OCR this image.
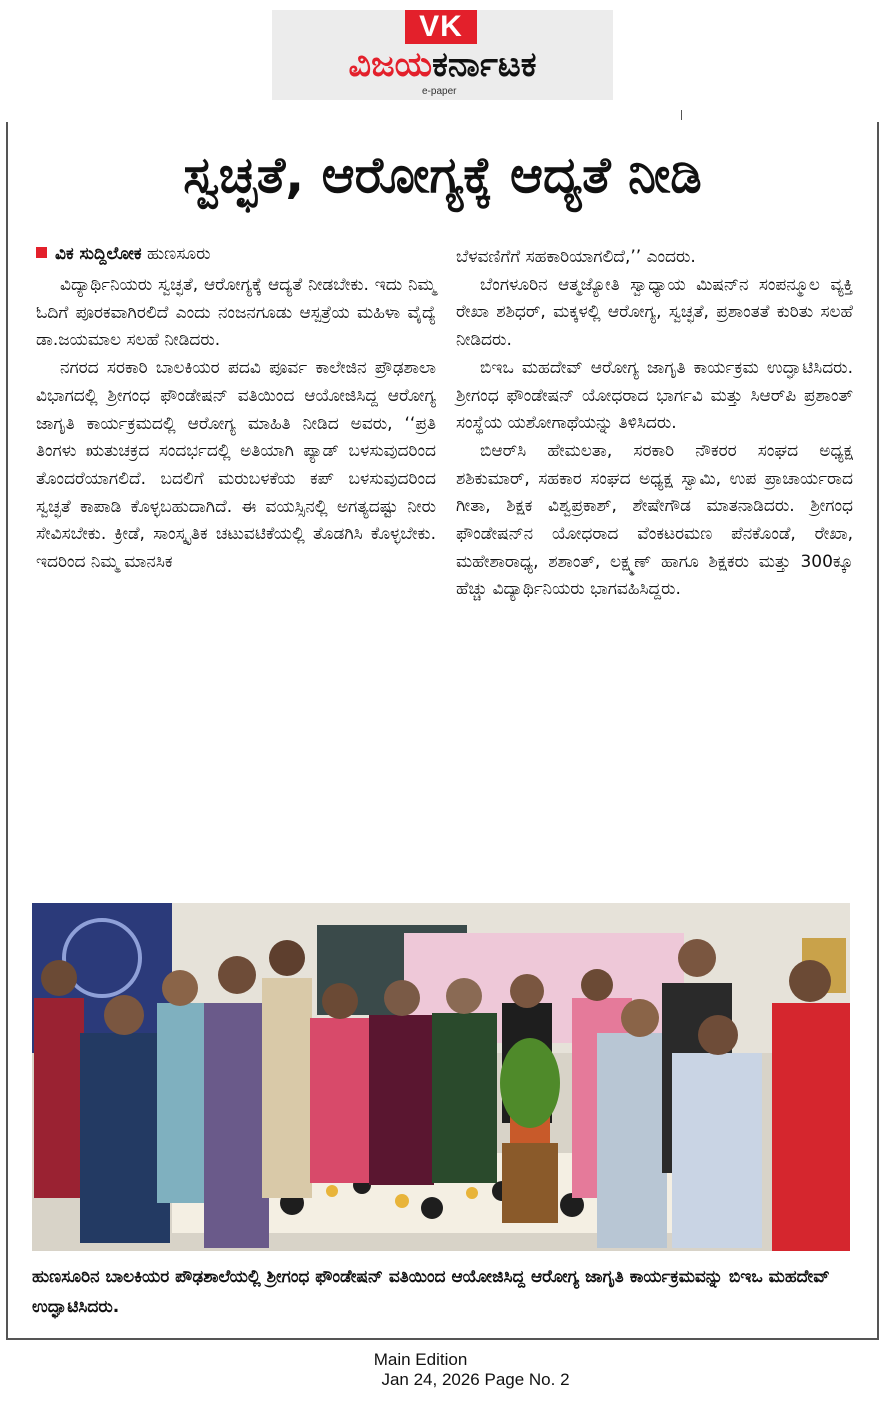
VK
ವಿಜಯಕರ್ನಾಟಕ
e-paper
ಸ್ವಚ್ಛತೆ, ಆರೋಗ್ಯಕ್ಕೆ ಆದ್ಯತೆ ನೀಡಿ
ವಿಕ ಸುದ್ದಿಲೋಕ ಹುಣಸೂರು

ವಿದ್ಯಾರ್ಥಿನಿಯರು ಸ್ವಚ್ಛತೆ, ಆರೋಗ್ಯಕ್ಕೆ ಆದ್ಯತೆ ನೀಡಬೇಕು. ಇದು ನಿಮ್ಮ ಓದಿಗೆ ಪೂರಕವಾಗಿರಲಿದೆ ಎಂದು ನಂಜನಗೂಡು ಆಸ್ಪತ್ರೆಯ ಮಹಿಳಾ ವೈದ್ಯೆ ಡಾ.ಜಯಮಾಲ ಸಲಹೆ ನೀಡಿದರು.

ನಗರದ ಸರಕಾರಿ ಬಾಲಕಿಯರ ಪದವಿ ಪೂರ್ವ ಕಾಲೇಜಿನ ಪ್ರೌಢಶಾಲಾ ವಿಭಾಗದಲ್ಲಿ ಶ್ರೀಗಂಧ ಫೌಂಡೇಷನ್ ವತಿಯಿಂದ ಆಯೋಜಿಸಿದ್ದ ಆರೋಗ್ಯ ಜಾಗೃತಿ ಕಾರ್ಯಕ್ರಮದಲ್ಲಿ ಆರೋಗ್ಯ ಮಾಹಿತಿ ನೀಡಿದ ಅವರು, ‘‘ಪ್ರತಿ ತಿಂಗಳು ಋತುಚಕ್ರದ ಸಂದರ್ಭದಲ್ಲಿ ಅತಿಯಾಗಿ ಪ್ಯಾಡ್ ಬಳಸುವುದರಿಂದ ತೊಂದರೆಯಾಗಲಿದೆ. ಬದಲಿಗೆ ಮರುಬಳಕೆಯ ಕಪ್ ಬಳಸುವುದರಿಂದ ಸ್ವಚ್ಛತೆ ಕಾಪಾಡಿ ಕೊಳ್ಳಬಹುದಾಗಿದೆ. ಈ ವಯಸ್ಸಿನಲ್ಲಿ ಅಗತ್ಯದಷ್ಟು ನೀರು ಸೇವಿಸಬೇಕು. ಕ್ರೀಡೆ, ಸಾಂಸ್ಕೃತಿಕ ಚಟುವಟಿಕೆಯಲ್ಲಿ ತೊಡಗಿಸಿ ಕೊಳ್ಳಬೇಕು. ಇದರಿಂದ ನಿಮ್ಮ ಮಾನಸಿಕ

ಬೆಳವಣಿಗೆಗೆ ಸಹಕಾರಿಯಾಗಲಿದೆ,’’ ಎಂದರು.

ಬೆಂಗಳೂರಿನ ಆತ್ಮಜ್ಯೋತಿ ಸ್ವಾಧ್ಯಾಯ ಮಿಷನ್‌ನ ಸಂಪನ್ಮೂಲ ವ್ಯಕ್ತಿ ರೇಖಾ ಶಶಿಧರ್, ಮಕ್ಕಳಲ್ಲಿ ಆರೋಗ್ಯ, ಸ್ವಚ್ಛತೆ, ಪ್ರಶಾಂತತೆ ಕುರಿತು ಸಲಹೆ ನೀಡಿದರು.

ಬಿಇಒ ಮಹದೇವ್ ಆರೋಗ್ಯ ಜಾಗೃತಿ ಕಾರ್ಯಕ್ರಮ ಉದ್ಘಾಟಿಸಿದರು. ಶ್ರೀಗಂಧ ಫೌಂಡೇಷನ್ ಯೋಧರಾದ ಭಾರ್ಗವಿ ಮತ್ತು ಸಿಆರ್‌ಪಿ ಪ್ರಶಾಂತ್ ಸಂಸ್ಥೆಯ ಯಶೋಗಾಥೆಯನ್ನು ತಿಳಿಸಿದರು.

ಬಿಆರ್‌ಸಿ ಹೇಮಲತಾ, ಸರಕಾರಿ ನೌಕರರ ಸಂಘದ ಅಧ್ಯಕ್ಷ ಶಶಿಕುಮಾರ್, ಸಹಕಾರ ಸಂಘದ ಅಧ್ಯಕ್ಷ ಸ್ವಾಮಿ, ಉಪ ಪ್ರಾಚಾರ್ಯರಾದ ಗೀತಾ, ಶಿಕ್ಷಕ ವಿಶ್ವಪ್ರಕಾಶ್, ಶೇಷೇಗೌಡ ಮಾತನಾಡಿದರು. ಶ್ರೀಗಂಧ ಫೌಂಡೇಷನ್‌ನ ಯೋಧರಾದ ವೆಂಕಟರಮಣ ಪೆನಕೊಂಡೆ, ರೇಖಾ, ಮಹೇಶಾರಾಧ್ಯ, ಶಶಾಂತ್, ಲಕ್ಷ್ಮಣ್ ಹಾಗೂ ಶಿಕ್ಷಕರು ಮತ್ತು 300ಕ್ಕೂ ಹೆಚ್ಚು ವಿದ್ಯಾರ್ಥಿನಿಯರು ಭಾಗವಹಿಸಿದ್ದರು.

ಹುಣಸೂರಿನ ಬಾಲಕಿಯರ ಪೌಢಶಾಲೆಯಲ್ಲಿ ಶ್ರೀಗಂಧ ಫೌಂಡೇಷನ್ ವತಿಯಿಂದ ಆಯೋಜಿಸಿದ್ದ ಆರೋಗ್ಯ ಜಾಗೃತಿ ಕಾರ್ಯಕ್ರಮವನ್ನು ಬಿಇಒ ಮಹದೇವ್ ಉದ್ಘಾಟಿಸಿದರು.
Main Edition
Jan 24, 2026 Page No. 2
